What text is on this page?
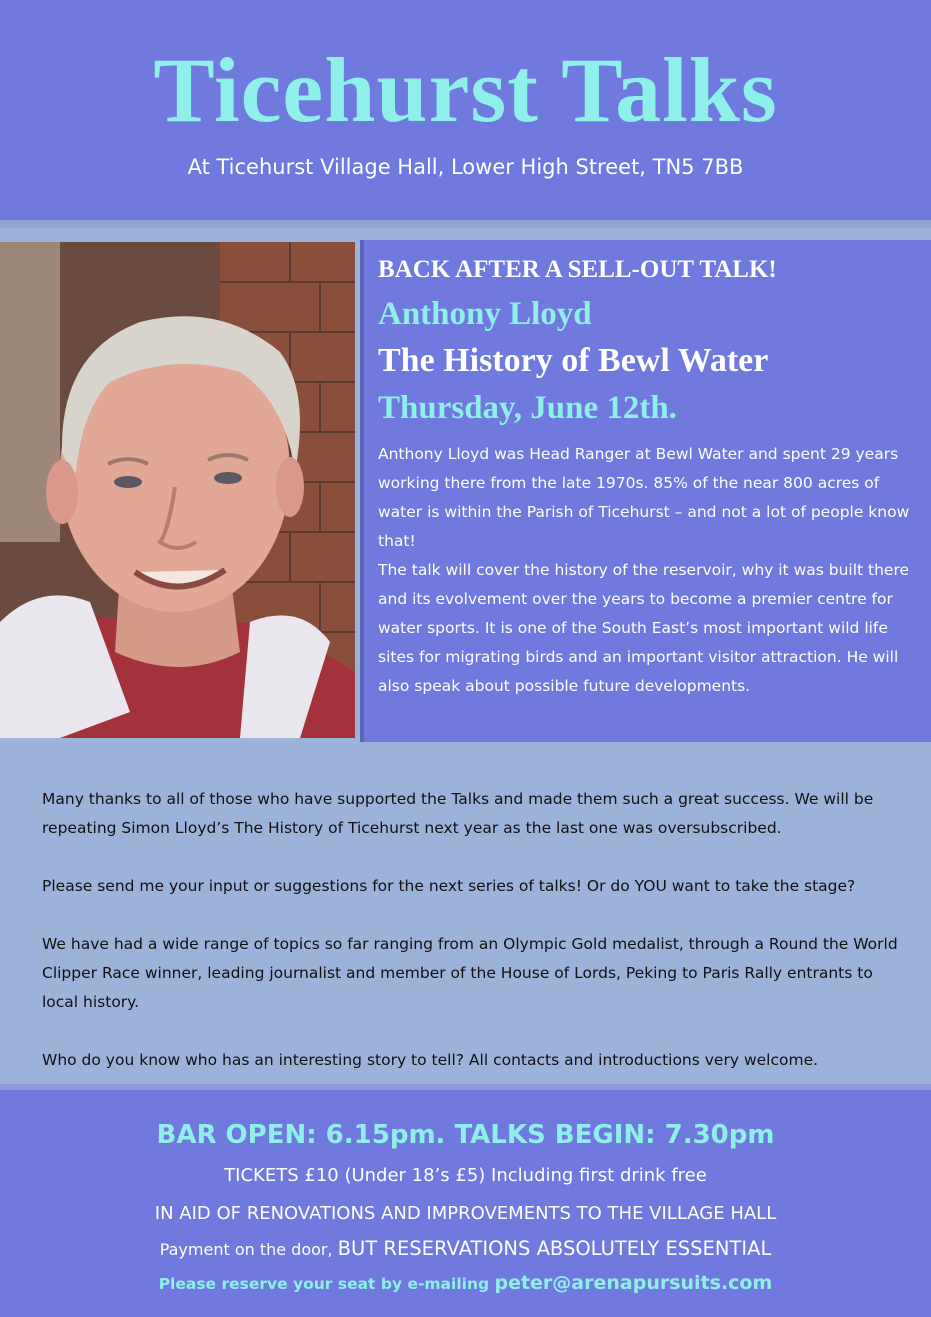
Ticehurst Talks
At Ticehurst Village Hall, Lower High Street, TN5 7BB
BACK AFTER A SELL-OUT TALK!
Anthony Lloyd
The History of Bewl Water
Thursday, June 12th.

Anthony Lloyd was Head Ranger at Bewl Water and spent 29 years working there from the late 1970s. 85% of the near 800 acres of water is within the Parish of Ticehurst – and not a lot of people know that!

The talk will cover the history of the reservoir, why it was built there and its evolvement over the years to become a premier centre for water sports. It is one of the South East’s most important wild life sites for migrating birds and an important visitor attraction. He will also speak about possible future developments.

Many thanks to all of those who have supported the Talks and made them such a great success. We will be repeating Simon Lloyd’s The History of Ticehurst next year as the last one was oversubscribed.

Please send me your input or suggestions for the next series of talks! Or do YOU want to take the stage?

We have had a wide range of topics so far ranging from an Olympic Gold medalist, through a Round the World Clipper Race winner, leading journalist and member of the House of Lords, Peking to Paris Rally entrants to local history.

Who do you know who has an interesting story to tell? All contacts and introductions very welcome.

BAR OPEN: 6.15pm. TALKS BEGIN: 7.30pm
TICKETS £10 (Under 18’s £5) Including first drink free
IN AID OF RENOVATIONS AND IMPROVEMENTS TO THE VILLAGE HALL
Payment on the door, BUT RESERVATIONS ABSOLUTELY ESSENTIAL
Please reserve your seat by e-mailing peter@arenapursuits.com
